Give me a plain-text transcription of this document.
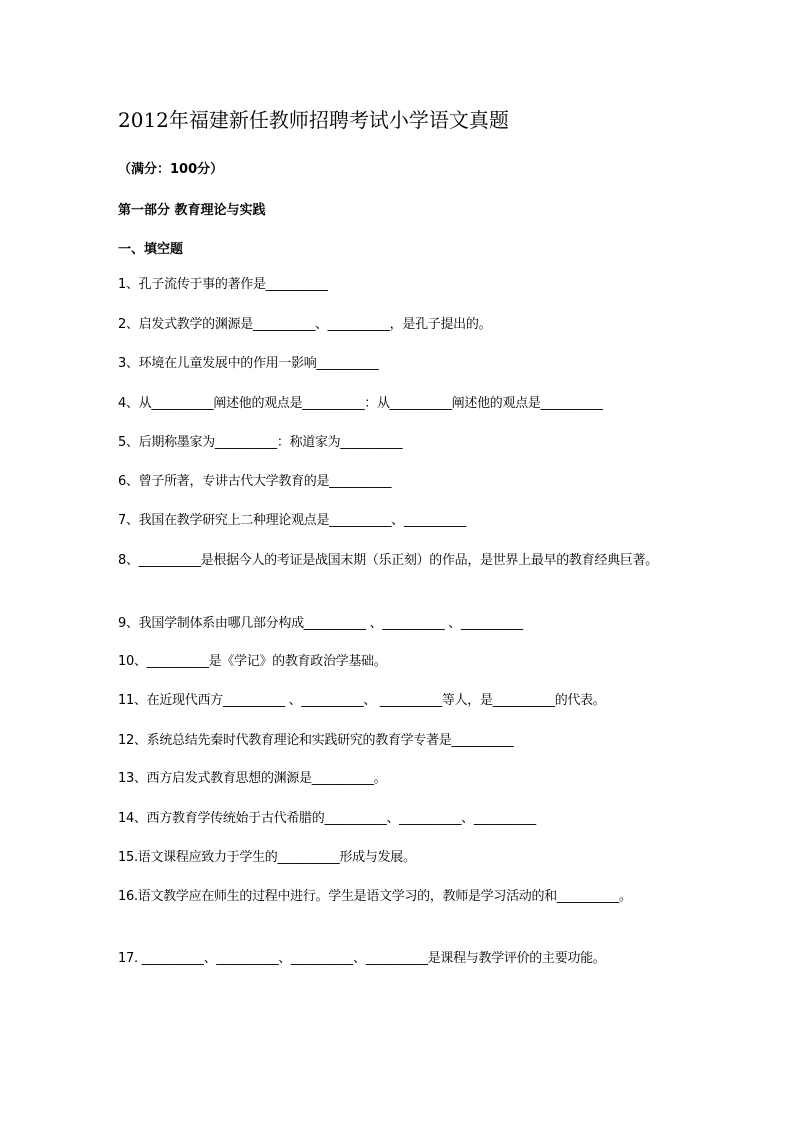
2012年福建新任教师招聘考试小学语文真题
（满分：100分）
第一部分 教育理论与实践
一、填空题
1、孔子流传于事的著作是__________
2、启发式教学的渊源是__________、__________，是孔子提出的。
3、环境在儿童发展中的作用一影响__________
4、从__________阐述他的观点是__________：从__________阐述他的观点是__________
5、后期称墨家为__________：称道家为__________
6、曾子所著，专讲古代大学教育的是__________
7、我国在教学研究上二种理论观点是__________、__________
8、__________是根据今人的考证是战国末期（乐正刻）的作品，是世界上最早的教育经典巨著。
9、我国学制体系由哪几部分构成__________ 、__________ 、__________
10、__________是《学记》的教育政治学基础。
11、在近现代西方__________ 、__________、 __________等人，是__________的代表。
12、系统总结先秦时代教育理论和实践研究的教育学专著是__________
13、西方启发式教育思想的渊源是__________。
14、西方教育学传统始于古代希腊的__________、__________、__________
15.语文课程应致力于学生的__________形成与发展。
16.语文教学应在师生的过程中进行。学生是语文学习的，教师是学习活动的和__________。
17. __________、__________、__________、__________是课程与教学评价的主要功能。
